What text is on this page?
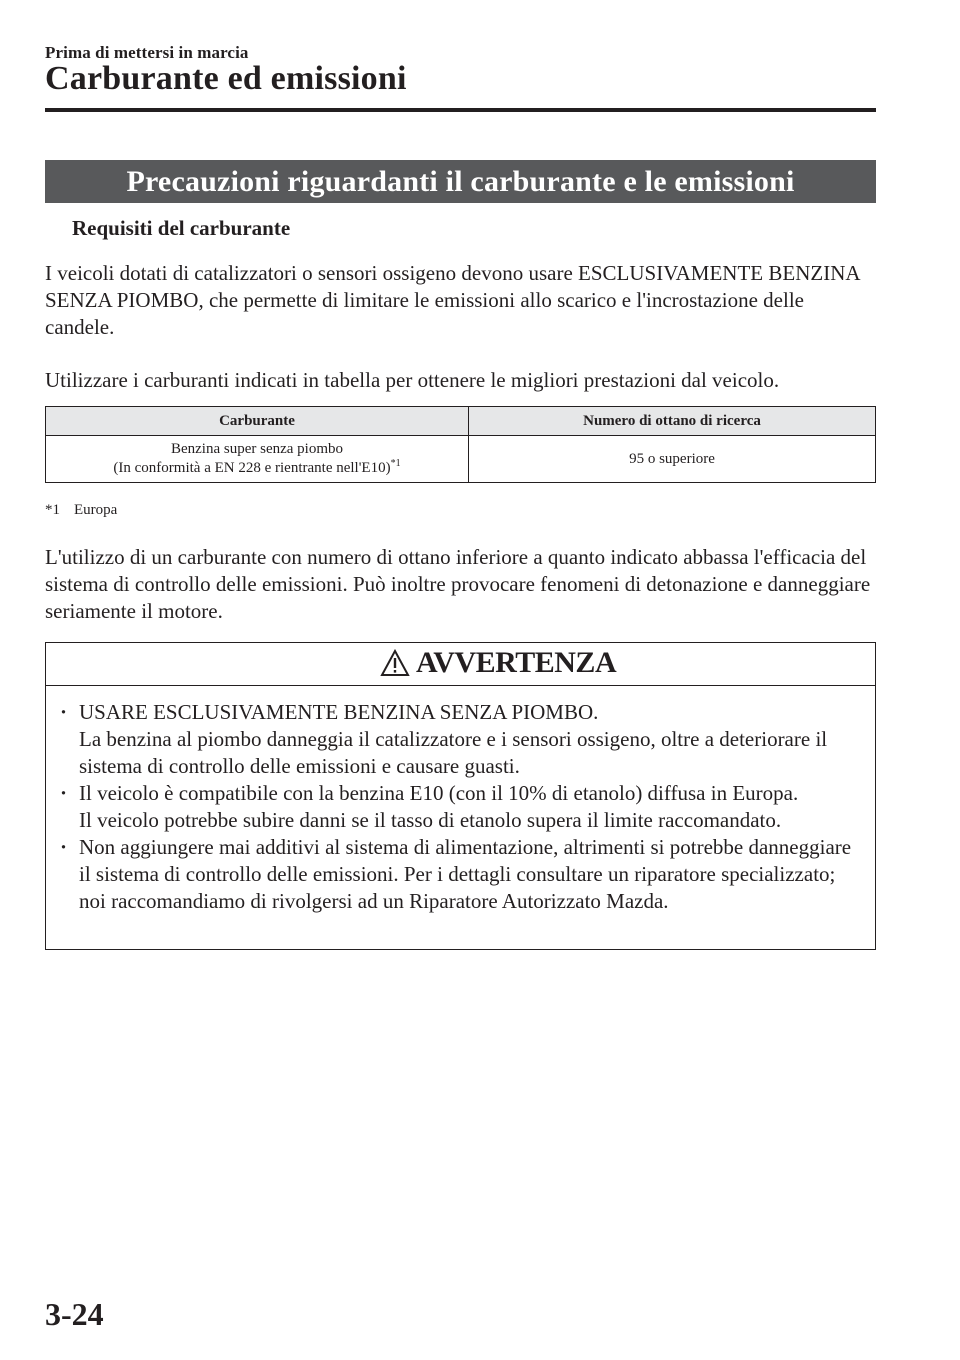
Prima di mettersi in marcia
Carburante ed emissioni
Precauzioni riguardanti il carburante e le emissioni
Requisiti del carburante

I veicoli dotati di catalizzatori o sensori ossigeno devono usare ESCLUSIVAMENTE BENZINA SENZA PIOMBO, che permette di limitare le emissioni allo scarico e l'incrostazione delle candele.

Utilizzare i carburanti indicati in tabella per ottenere le migliori prestazioni dal veicolo.

Carburante	Numero di ottano di ricerca
Benzina super senza piombo
(In conformità a EN 228 e rientrante nell'E10)$^{*1}$	95 o superiore
*1 Europa

L'utilizzo di un carburante con numero di ottano inferiore a quanto indicato abbassa l'efficacia del sistema di controllo delle emissioni. Può inoltre provocare fenomeni di detonazione e danneggiare seriamente il motore.

AVVERTENZA
· USARE ESCLUSIVAMENTE BENZINA SENZA PIOMBO.
La benzina al piombo danneggia il catalizzatore e i sensori ossigeno, oltre a deteriorare il sistema di controllo delle emissioni e causare guasti.
· Il veicolo è compatibile con la benzina E10 (con il 10% di etanolo) diffusa in Europa.
Il veicolo potrebbe subire danni se il tasso di etanolo supera il limite raccomandato.
· Non aggiungere mai additivi al sistema di alimentazione, altrimenti si potrebbe danneggiare il sistema di controllo delle emissioni. Per i dettagli consultare un riparatore specializzato; noi raccomandiamo di rivolgersi ad un Riparatore Autorizzato Mazda.
3-24
